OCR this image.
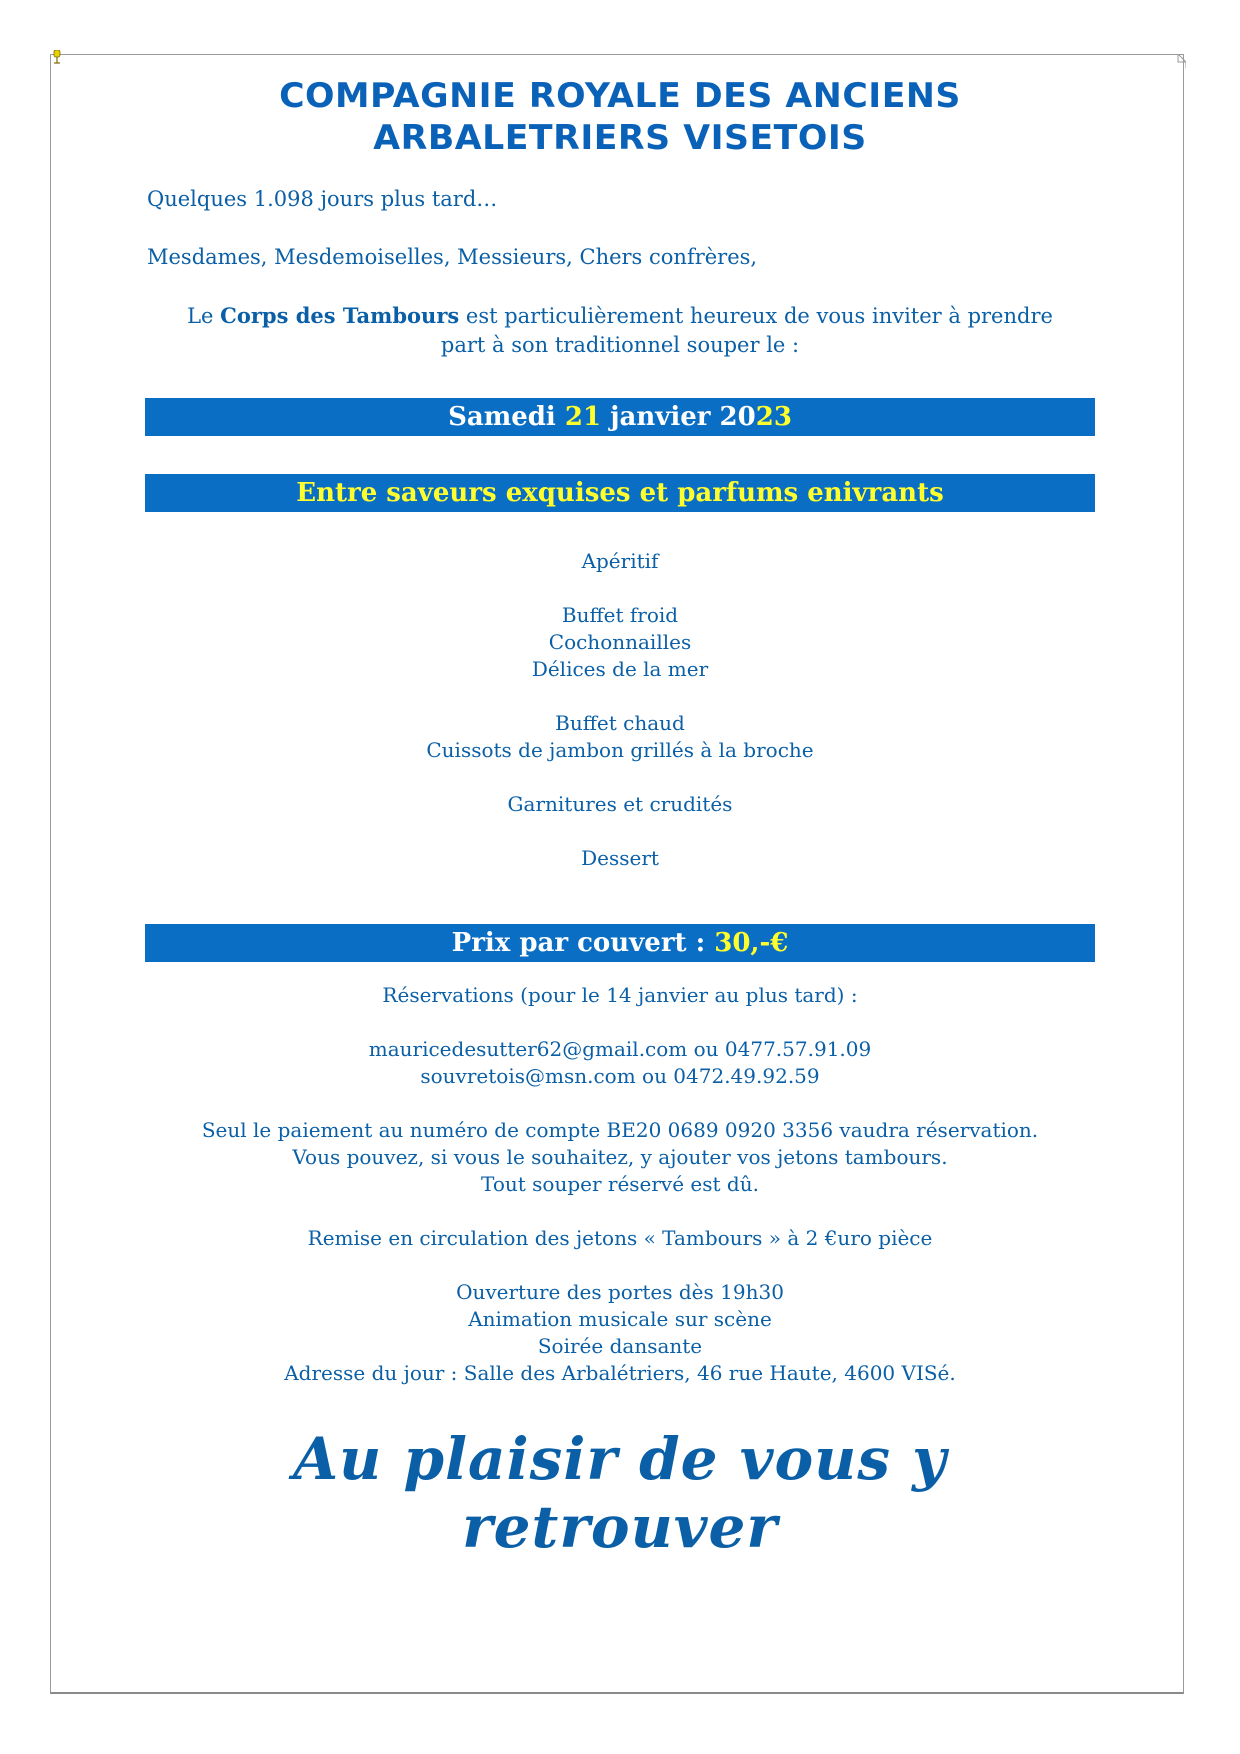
COMPAGNIE ROYALE DES ANCIENS
ARBALETRIERS VISETOIS
Quelques 1.098 jours plus tard…
Mesdames, Mesdemoiselles, Messieurs, Chers confrères,
Le Corps des Tambours est particulièrement heureux de vous inviter à prendre
part à son traditionnel souper le :
Samedi 21 janvier 2023
Entre saveurs exquises et parfums enivrants
Apéritif
Buffet froid
Cochonnailles
Délices de la mer
Buffet chaud
Cuissots de jambon grillés à la broche
Garnitures et crudités
Dessert
Prix par couvert : 30,-€
Réservations (pour le 14 janvier au plus tard) :
mauricedesutter62@gmail.com ou 0477.57.91.09
souvretois@msn.com ou 0472.49.92.59
Seul le paiement au numéro de compte BE20 0689 0920 3356 vaudra réservation.
Vous pouvez, si vous le souhaitez, y ajouter vos jetons tambours.
Tout souper réservé est dû.
Remise en circulation des jetons « Tambours » à 2 €uro pièce
Ouverture des portes dès 19h30
Animation musicale sur scène
Soirée dansante
Adresse du jour : Salle des Arbalétriers, 46 rue Haute, 4600 VISé.
Au plaisir de vous y retrouver
